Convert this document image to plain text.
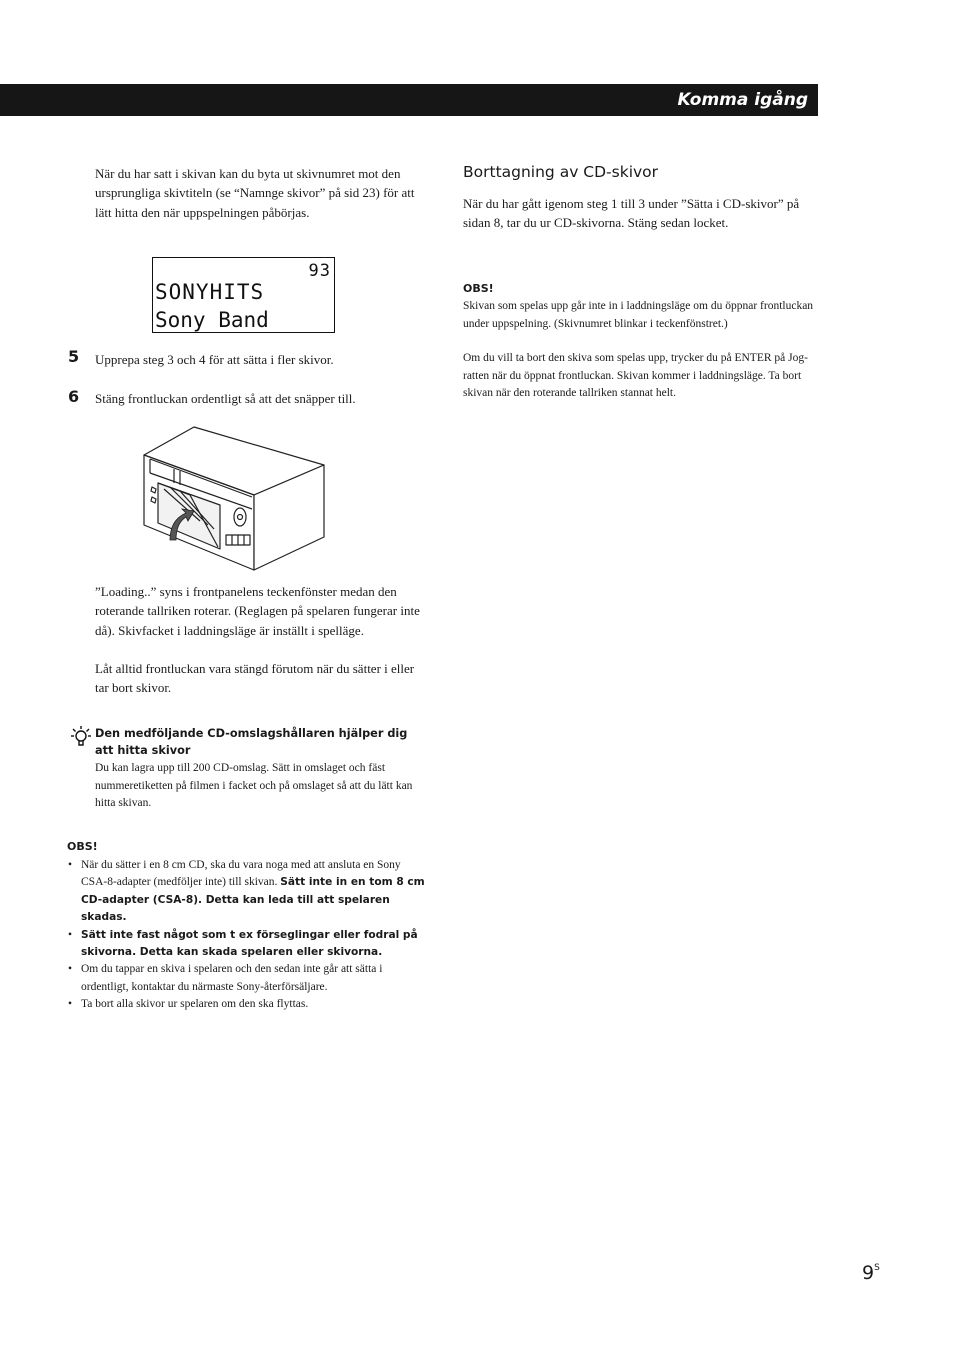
Komma igång

När du har satt i skivan kan du byta ut skivnumret mot den ursprungliga skivtiteln (se “Namnge skivor” på sid 23) för att lätt hitta den när uppspelningen påbörjas.

93
SONYHITS
Sony Band
5 Upprepa steg 3 och 4 för att sätta i fler skivor.

6 Stäng frontluckan ordentligt så att det snäpper till.

”Loading..” syns i frontpanelens teckenfönster medan den roterande tallriken roterar. (Reglagen på spelaren fungerar inte då). Skivfacket i laddningsläge är inställt i spelläge.

Låt alltid frontluckan vara stängd förutom när du sätter i eller tar bort skivor.

Den medföljande CD-omslagshållaren hjälper dig att hitta skivor

Du kan lagra upp till 200 CD-omslag. Sätt in omslaget och fäst nummeretiketten på filmen i facket och på omslaget så att du lätt kan hitta skivan.

OBS!
• När du sätter i en 8 cm CD, ska du vara noga med att ansluta en Sony CSA-8-adapter (medföljer inte) till skivan. Sätt inte in en tom 8 cm CD-adapter (CSA-8). Detta kan leda till att spelaren skadas.
• Sätt inte fast något som t ex förseglingar eller fodral på skivorna. Detta kan skada spelaren eller skivorna.
• Om du tappar en skiva i spelaren och den sedan inte går att sätta i ordentligt, kontaktar du närmaste Sony-återförsäljare.
• Ta bort alla skivor ur spelaren om den ska flyttas.
Borttagning av CD-skivor

När du har gått igenom steg 1 till 3 under ”Sätta i CD-skivor” på sidan 8, tar du ur CD-skivorna. Stäng sedan locket.

OBS!

Skivan som spelas upp går inte in i laddningsläge om du öppnar frontluckan under uppspelning. (Skivnumret blinkar i teckenfönstret.)

Om du vill ta bort den skiva som spelas upp, trycker du på ENTER på Jog-ratten när du öppnat frontluckan. Skivan kommer i laddningsläge. Ta bort skivan när den roterande tallriken stannat helt.

$9^S$
